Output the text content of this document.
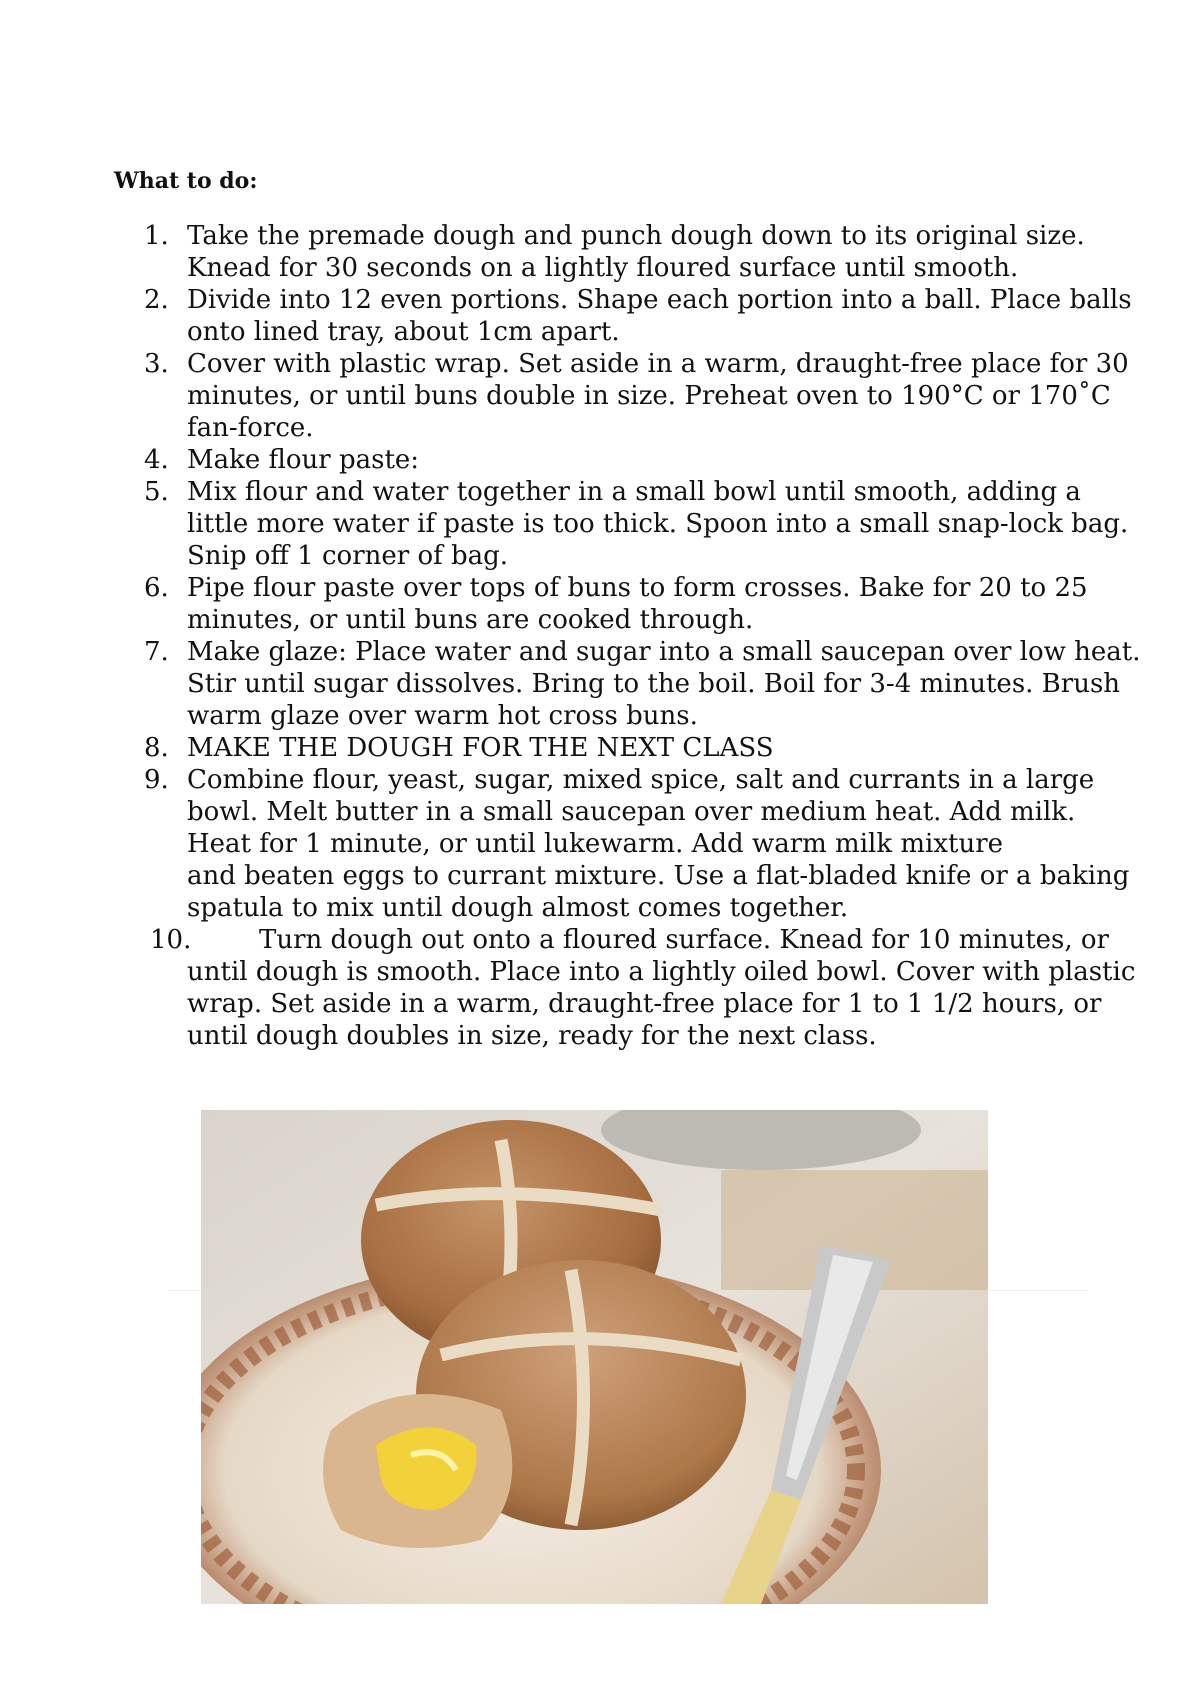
What to do:
1. Take the premade dough and punch dough down to its original size.
Knead for 30 seconds on a lightly floured surface until smooth.
2. Divide into 12 even portions. Shape each portion into a ball. Place balls
onto lined tray, about 1cm apart.
3. Cover with plastic wrap. Set aside in a warm, draught-free place for 30
minutes, or until buns double in size. Preheat oven to 190°C or 170˚C
fan-force.
4. Make flour paste:
5. Mix flour and water together in a small bowl until smooth, adding a
little more water if paste is too thick. Spoon into a small snap-lock bag.
Snip off 1 corner of bag.
6. Pipe flour paste over tops of buns to form crosses. Bake for 20 to 25
minutes, or until buns are cooked through.
7. Make glaze: Place water and sugar into a small saucepan over low heat.
Stir until sugar dissolves. Bring to the boil. Boil for 3-4 minutes. Brush
warm glaze over warm hot cross buns.
8. MAKE THE DOUGH FOR THE NEXT CLASS
9. Combine flour, yeast, sugar, mixed spice, salt and currants in a large
bowl. Melt butter in a small saucepan over medium heat. Add milk.
Heat for 1 minute, or until lukewarm. Add warm milk mixture
and beaten eggs to currant mixture. Use a flat-bladed knife or a baking
spatula to mix until dough almost comes together.
10.	Turn dough out onto a floured surface. Knead for 10 minutes, or
until dough is smooth. Place into a lightly oiled bowl. Cover with plastic
wrap. Set aside in a warm, draught-free place for 1 to 1 1/2 hours, or
until dough doubles in size, ready for the next class.
